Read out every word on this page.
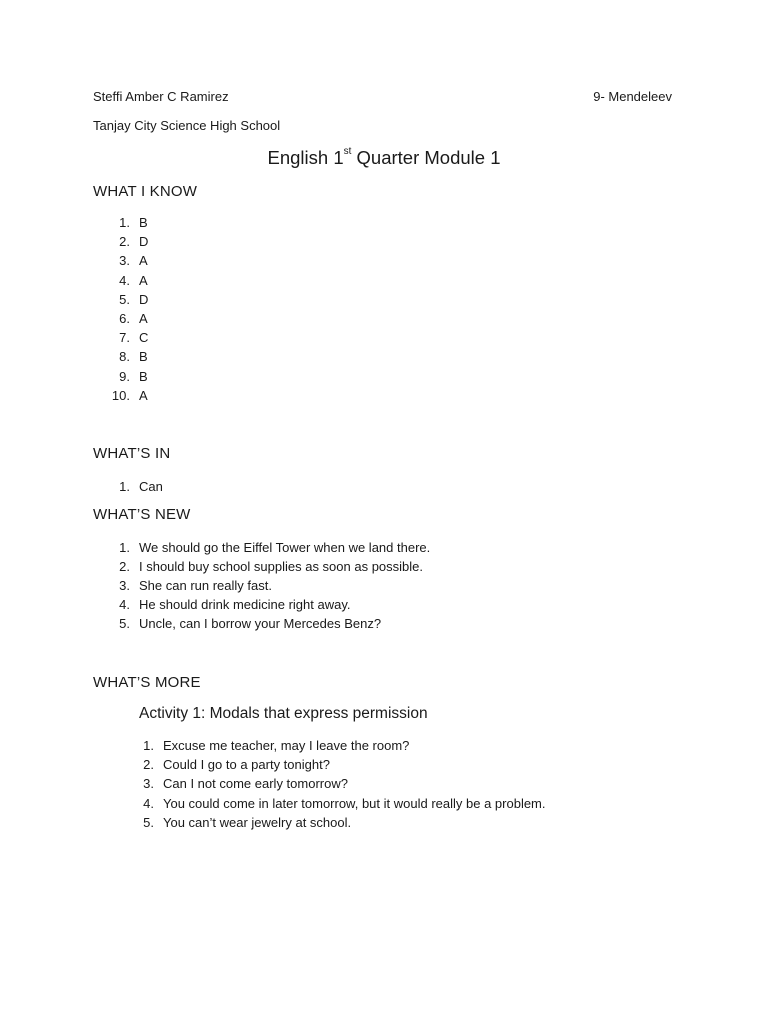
Steffi Amber C Ramirez	9- Mendeleev
Tanjay City Science High School
English 1st Quarter Module 1
WHAT I KNOW
1. B
2. D
3. A
4. A
5. D
6. A
7. C
8. B
9. B
10. A
WHAT’S IN
1. Can
WHAT’S NEW
1. We should go the Eiffel Tower when we land there.
2. I should buy school supplies as soon as possible.
3. She can run really fast.
4. He should drink medicine right away.
5. Uncle, can I borrow your Mercedes Benz?
WHAT’S MORE
Activity 1: Modals that express permission
1. Excuse me teacher, may I leave the room?
2. Could I go to a party tonight?
3. Can I not come early tomorrow?
4. You could come in later tomorrow, but it would really be a problem.
5. You can’t wear jewelry at school.
